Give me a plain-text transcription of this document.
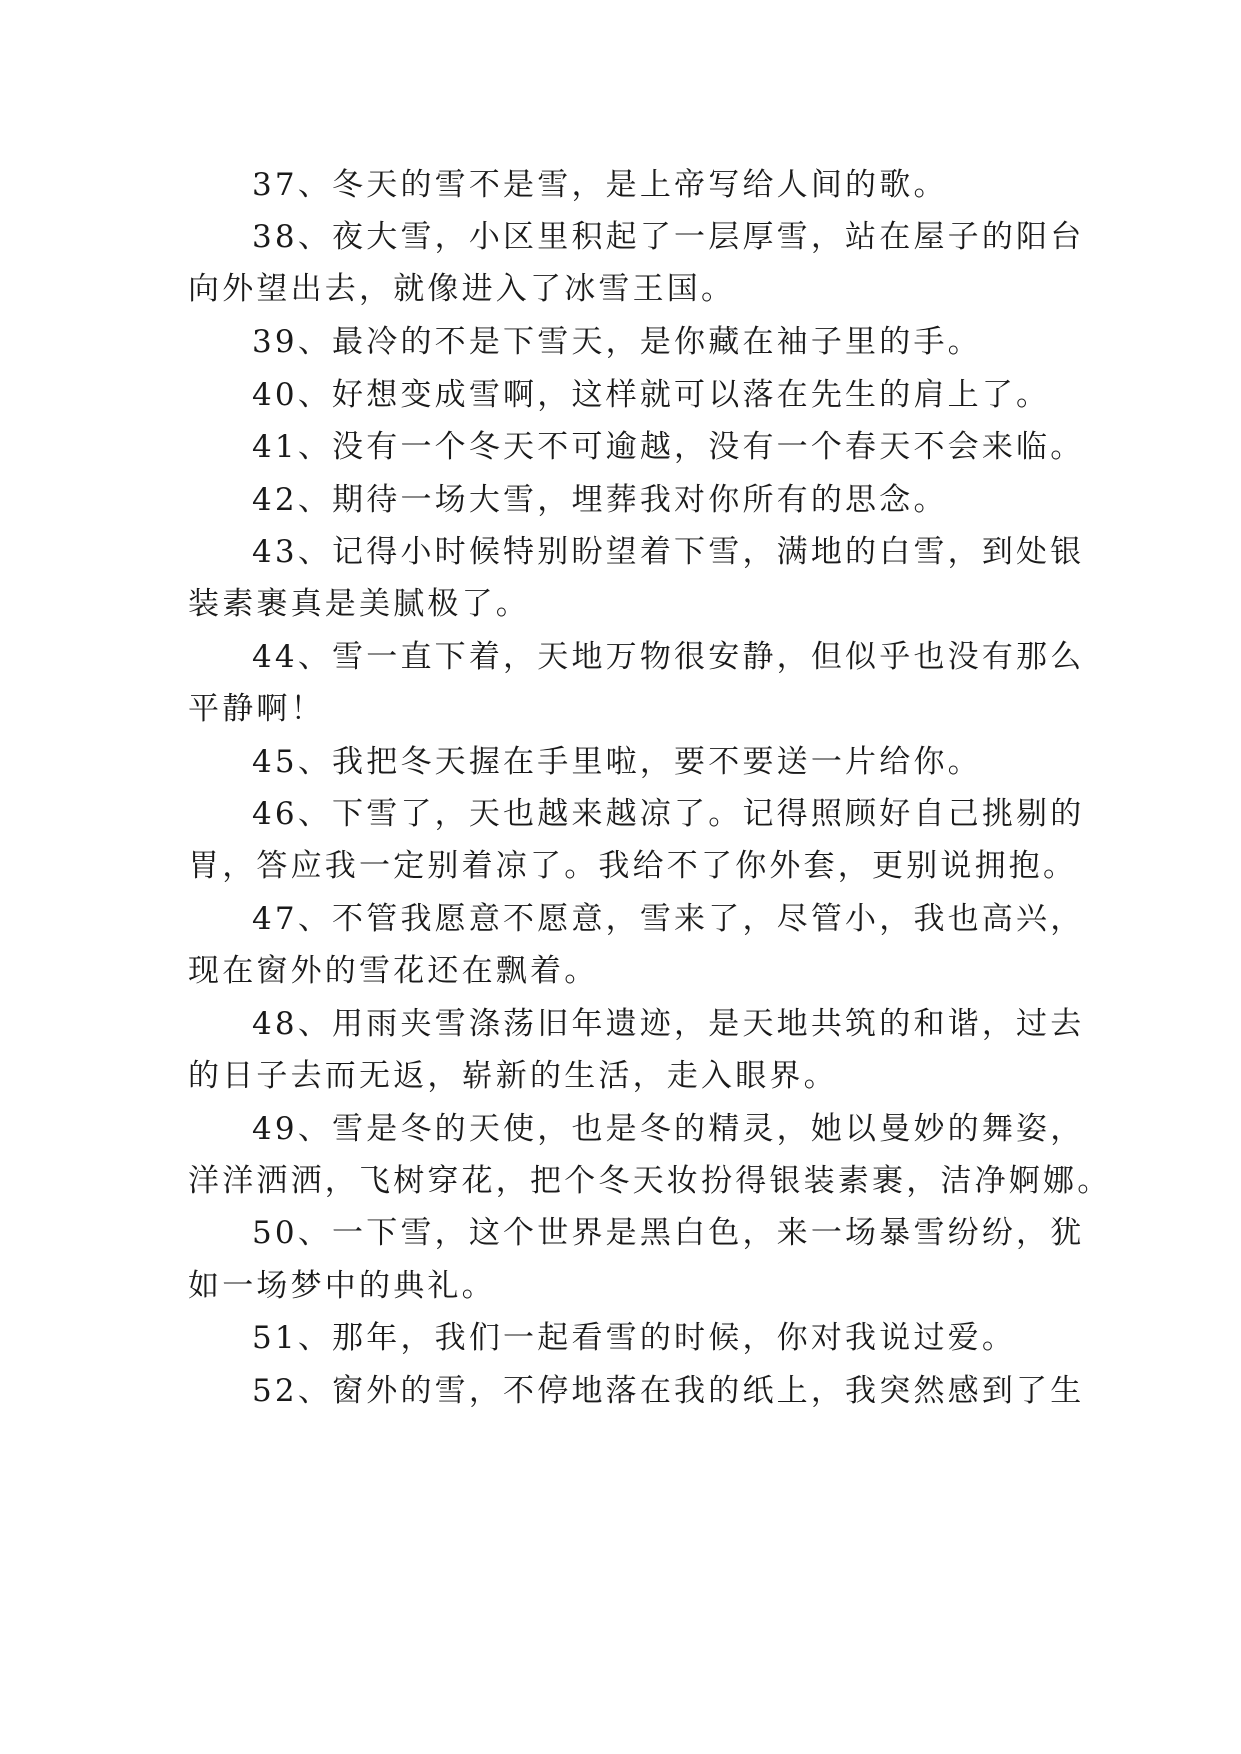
37、冬天的雪不是雪，是上帝写给人间的歌。
38、夜大雪，小区里积起了一层厚雪，站在屋子的阳台
向外望出去，就像进入了冰雪王国。
39、最冷的不是下雪天，是你藏在袖子里的手。
40、好想变成雪啊，这样就可以落在先生的肩上了。
41、没有一个冬天不可逾越，没有一个春天不会来临。
42、期待一场大雪，埋葬我对你所有的思念。
43、记得小时候特别盼望着下雪，满地的白雪，到处银
装素裹真是美腻极了。
44、雪一直下着，天地万物很安静，但似乎也没有那么
平静啊！
45、我把冬天握在手里啦，要不要送一片给你。
46、下雪了，天也越来越凉了。记得照顾好自己挑剔的
胃，答应我一定别着凉了。我给不了你外套，更别说拥抱。
47、不管我愿意不愿意，雪来了，尽管小，我也高兴，
现在窗外的雪花还在飘着。
48、用雨夹雪涤荡旧年遗迹，是天地共筑的和谐，过去
的日子去而无返，崭新的生活，走入眼界。
49、雪是冬的天使，也是冬的精灵，她以曼妙的舞姿，
洋洋洒洒，飞树穿花，把个冬天妆扮得银装素裹，洁净婀娜。
50、一下雪，这个世界是黑白色，来一场暴雪纷纷，犹
如一场梦中的典礼。
51、那年，我们一起看雪的时候，你对我说过爱。
52、窗外的雪，不停地落在我的纸上，我突然感到了生
